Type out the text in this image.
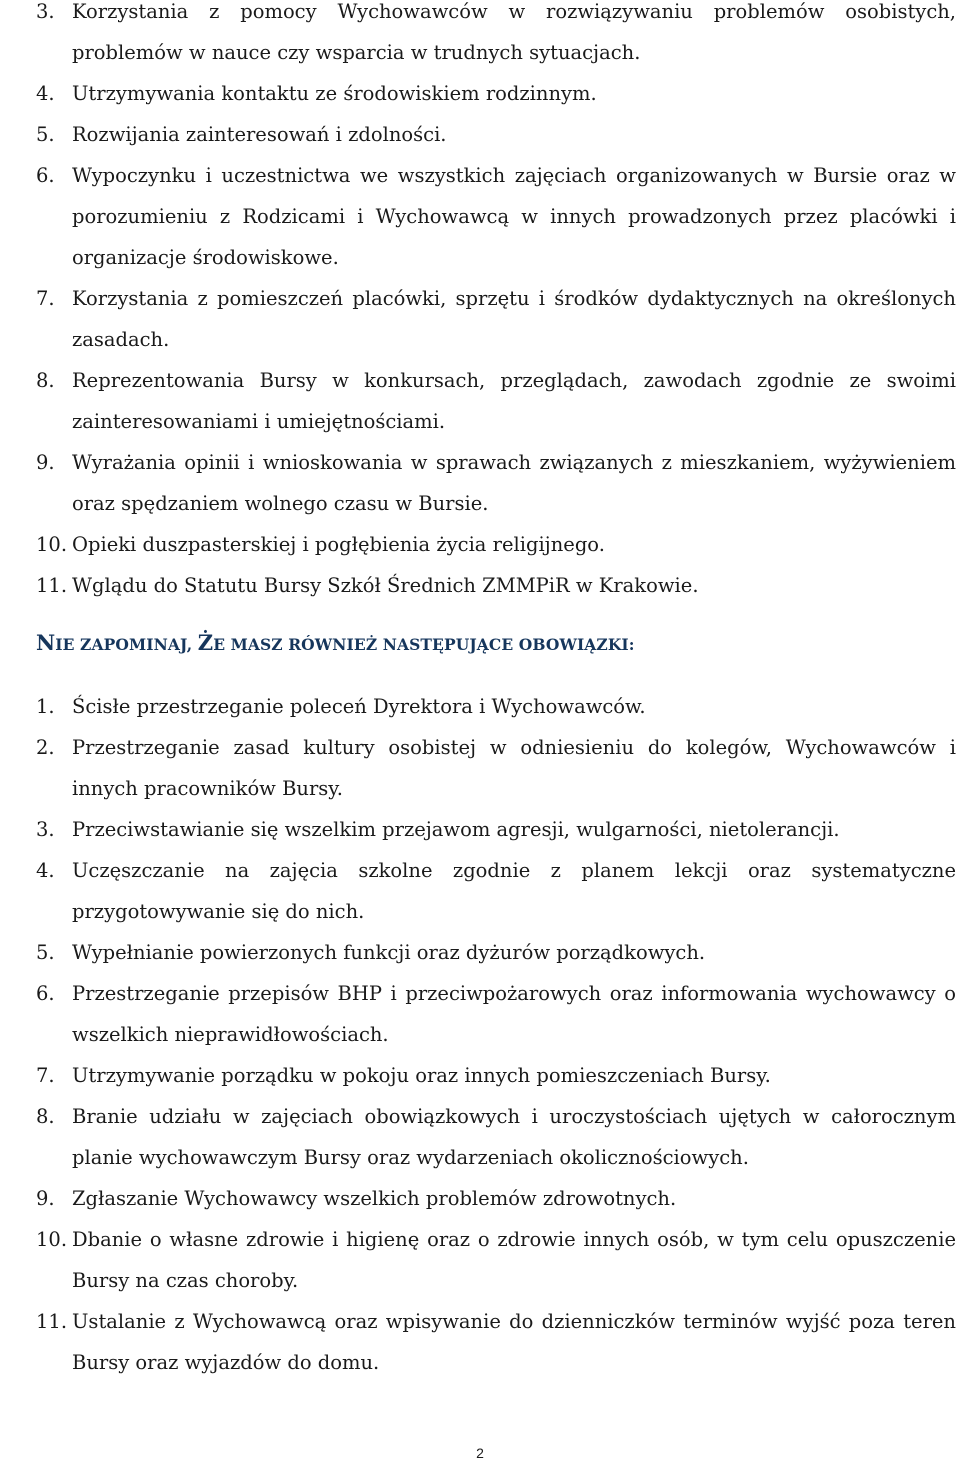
3. Korzystania z pomocy Wychowawców w rozwiązywaniu problemów osobistych, problemów w nauce czy wsparcia w trudnych sytuacjach.
4. Utrzymywania kontaktu ze środowiskiem rodzinnym.
5. Rozwijania zainteresowań i zdolności.
6. Wypoczynku i uczestnictwa we wszystkich zajęciach organizowanych w Bursie oraz w porozumieniu z Rodzicami i Wychowawcą w innych prowadzonych przez placówki i organizacje środowiskowe.
7. Korzystania z pomieszczeń placówki, sprzętu i środków dydaktycznych na określonych zasadach.
8. Reprezentowania Bursy w konkursach, przeglądach, zawodach zgodnie ze swoimi zainteresowaniami i umiejętnościami.
9. Wyrażania opinii i wnioskowania w sprawach związanych z mieszkaniem, wyżywieniem oraz spędzaniem wolnego czasu w Bursie.
10. Opieki duszpasterskiej i pogłębienia życia religijnego.
11. Wglądu do Statutu Bursy Szkół Średnich ZMMPiR w Krakowie.
NIE ZAPOMINAJ, ŻE MASZ RÓWNIEŻ NASTĘPUJĄCE OBOWIĄZKI:
1. Ścisłe przestrzeganie poleceń Dyrektora i Wychowawców.
2. Przestrzeganie zasad kultury osobistej w odniesieniu do kolegów, Wychowawców i innych pracowników Bursy.
3. Przeciwstawianie się wszelkim przejawom agresji, wulgarności, nietolerancji.
4. Uczęszczanie na zajęcia szkolne zgodnie z planem lekcji oraz systematyczne przygotowywanie się do nich.
5. Wypełnianie powierzonych funkcji oraz dyżurów porządkowych.
6. Przestrzeganie przepisów BHP i przeciwpożarowych oraz informowania wychowawcy o wszelkich nieprawidłowościach.
7. Utrzymywanie porządku w pokoju oraz innych pomieszczeniach Bursy.
8. Branie udziału w zajęciach obowiązkowych i uroczystościach ujętych w całorocznym planie wychowawczym Bursy oraz wydarzeniach okolicznościowych.
9. Zgłaszanie Wychowawcy wszelkich problemów zdrowotnych.
10. Dbanie o własne zdrowie i higienę oraz o zdrowie innych osób, w tym celu opuszczenie Bursy na czas choroby.
11. Ustalanie z Wychowawcą oraz wpisywanie do dzienniczków terminów wyjść poza teren Bursy oraz wyjazdów do domu.
2
